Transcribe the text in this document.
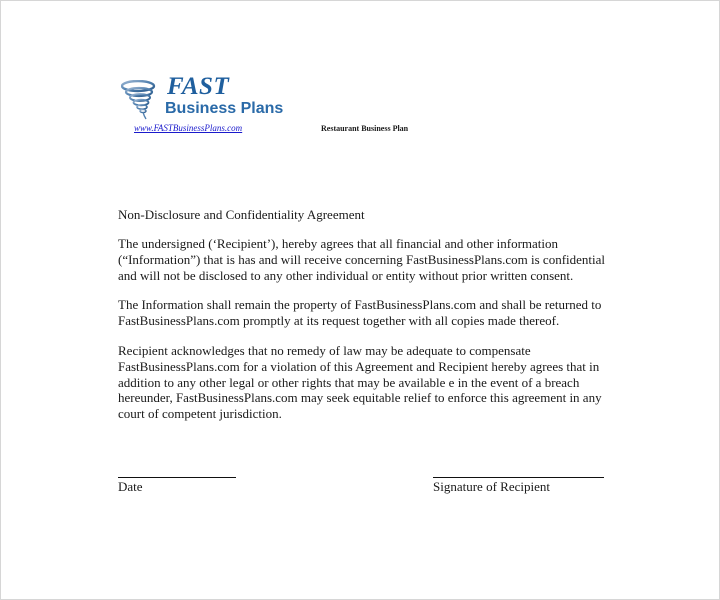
FAST
Business Plans
www.FASTBusinessPlans.com	Restaurant Business Plan
Non-Disclosure and Confidentiality Agreement
The undersigned (‘Recipient’), hereby agrees that all financial and other information
(“Information”) that is has and will receive concerning FastBusinessPlans.com is confidential
and will not be disclosed to any other individual or entity without prior written consent.
The Information shall remain the property of FastBusinessPlans.com and shall be returned to
FastBusinessPlans.com promptly at its request together with all copies made thereof.
Recipient acknowledges that no remedy of law may be adequate to compensate
FastBusinessPlans.com for a violation of this Agreement and Recipient hereby agrees that in
addition to any other legal or other rights that may be available e in the event of a breach
hereunder, FastBusinessPlans.com may seek equitable relief to enforce this agreement in any
court of competent jurisdiction.
Date	Signature of Recipient
